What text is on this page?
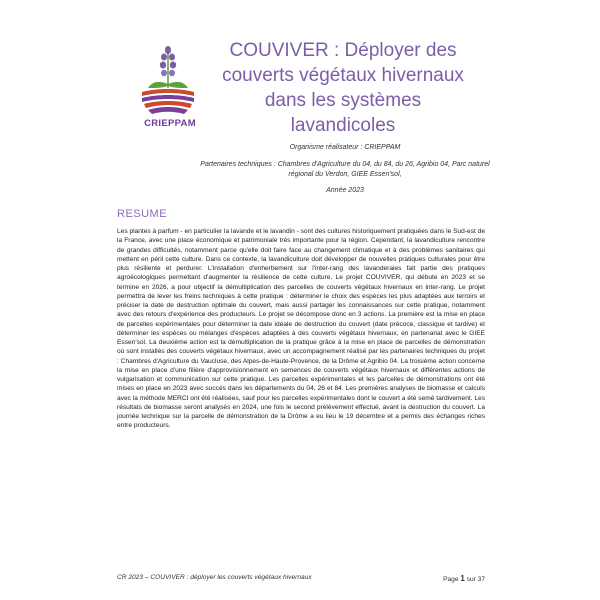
CRIEPPAM
COUVIVER : Déployer des couverts végétaux hivernaux dans les systèmes lavandicoles

Organisme réalisateur : CRIEPPAM

Partenaires techniques : Chambres d'Agriculture du 04, du 84, du 26, Agribio 04, Parc naturel régional du Verdon, GIEE Essen'sol,

Année 2023

RESUME

Les plantes à parfum - en particulier la lavande et le lavandin - sont des cultures historiquement pratiquées dans le Sud-est de la France, avec une place économique et patrimoniale très importante pour la région. Cependant, la lavandiculture rencontre de grandes difficultés, notamment parce qu'elle doit faire face au changement climatique et à des problèmes sanitaires qui mettent en péril cette culture. Dans ce contexte, la lavandiculture doit développer de nouvelles pratiques culturales pour être plus résiliente et perdurer. L'installation d'enherbement sur l'inter-rang des lavanderaies fait partie des pratiques agroécologiques permettant d'augmenter la résilience de cette culture. Le projet COUVIVER, qui débute en 2023 et se termine en 2026, a pour objectif la démultiplication des parcelles de couverts végétaux hivernaux en inter-rang. Le projet permettra de lever les freins techniques à cette pratique : déterminer le choix des espèces les plus adaptées aux terroirs et préciser la date de destruction optimale du couvert, mais aussi partager les connaissances sur cette pratique, notamment avec des retours d'expérience des producteurs. Le projet se décompose donc en 3 actions. La première est la mise en place de parcelles expérimentales pour déterminer la date idéale de destruction du couvert (date précoce, classique et tardive) et déterminer les espèces ou mélanges d'espèces adaptées à des couverts végétaux hivernaux, en partenariat avec le GIEE Essen'sol. La deuxième action est la démultiplication de la pratique grâce à la mise en place de parcelles de démonstration où sont installés des couverts végétaux hivernaux, avec un accompagnement réalisé par les partenaires techniques du projet : Chambres d'Agriculture du Vaucluse, des Alpes-de-Haute-Provence, de la Drôme et Agribio 04. La troisième action concerne la mise en place d'une filière d'approvisionnement en semences de couverts végétaux hivernaux et différentes actions de vulgarisation et communication sur cette pratique. Les parcelles expérimentales et les parcelles de démonstrations ont été mises en place en 2023 avec succès dans les départements du 04, 26 et 84. Les premières analyses de biomasse et calculs avec la méthode MERCI ont été réalisées, sauf pour les parcelles expérimentales dont le couvert a été semé tardivement. Les résultats de biomasse seront analysés en 2024, une fois le second prélèvement effectué, avant la destruction du couvert. La journée technique sur la parcelle de démonstration de la Drôme a eu lieu le 19 décembre et a permis des échanges riches entre producteurs.

CR 2023 – COUVIVER : déployer les couverts végétaux hivernaux	Page 1 sur 37
